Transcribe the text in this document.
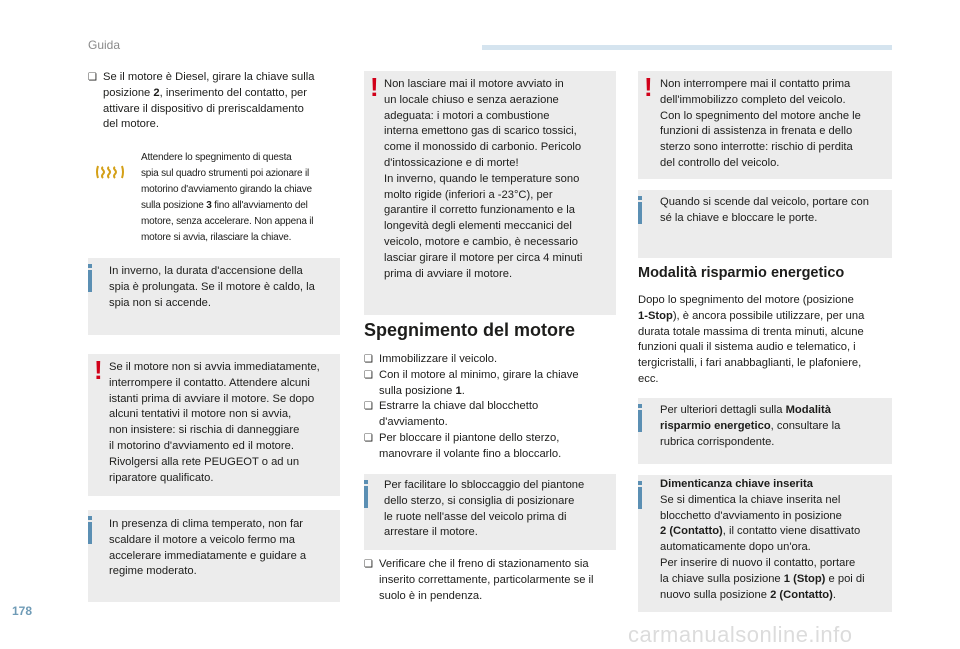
Guida
❏ Se il motore è Diesel, girare la chiave sulla
posizione 2, inserimento del contatto, per
attivare il dispositivo di preriscaldamento
del motore.
Attendere lo spegnimento di questa
spia sul quadro strumenti poi azionare il
motorino d'avviamento girando la chiave
sulla posizione 3 fino all'avviamento del
motore, senza accelerare. Non appena il
motore si avvia, rilasciare la chiave.

In inverno, la durata d'accensione della
spia è prolungata. Se il motore è caldo, la
spia non si accende.

! Se il motore non si avvia immediatamente,
interrompere il contatto. Attendere alcuni
istanti prima di avviare il motore. Se dopo
alcuni tentativi il motore non si avvia,
non insistere: si rischia di danneggiare
il motorino d'avviamento ed il motore.
Rivolgersi alla rete PEUGEOT o ad un
riparatore qualificato.

In presenza di clima temperato, non far
scaldare il motore a veicolo fermo ma
accelerare immediatamente e guidare a
regime moderato.

! Non lasciare mai il motore avviato in
un locale chiuso e senza aerazione
adeguata: i motori a combustione
interna emettono gas di scarico tossici,
come il monossido di carbonio. Pericolo
d'intossicazione e di morte!
In inverno, quando le temperature sono
molto rigide (inferiori a -23°C), per
garantire il corretto funzionamento e la
longevità degli elementi meccanici del
veicolo, motore e cambio, è necessario
lasciar girare il motore per circa 4 minuti
prima di avviare il motore.

Spegnimento del motore
❏ Immobilizzare il veicolo.
❏ Con il motore al minimo, girare la chiave
sulla posizione 1.
❏ Estrarre la chiave dal blocchetto
d'avviamento.
❏ Per bloccare il piantone dello sterzo,
manovrare il volante fino a bloccarlo.

Per facilitare lo sbloccaggio del piantone
dello sterzo, si consiglia di posizionare
le ruote nell'asse del veicolo prima di
arrestare il motore.

❏ Verificare che il freno di stazionamento sia
inserito correttamente, particolarmente se il
suolo è in pendenza.
! Non interrompere mai il contatto prima
dell'immobilizzo completo del veicolo.
Con lo spegnimento del motore anche le
funzioni di assistenza in frenata e dello
sterzo sono interrotte: rischio di perdita
del controllo del veicolo.

Quando si scende dal veicolo, portare con
sé la chiave e bloccare le porte.

Modalità risparmio energetico
Dopo lo spegnimento del motore (posizione
1-Stop), è ancora possibile utilizzare, per una
durata totale massima di trenta minuti, alcune
funzioni quali il sistema audio e telematico, i
tergicristalli, i fari anabbaglianti, le plafoniere,
ecc.

Per ulteriori dettagli sulla Modalità
risparmio energetico, consultare la
rubrica corrispondente.

Dimenticanza chiave inserita
Se si dimentica la chiave inserita nel
blocchetto d'avviamento in posizione
2 (Contatto), il contatto viene disattivato
automaticamente dopo un'ora.
Per inserire di nuovo il contatto, portare
la chiave sulla posizione 1 (Stop) e poi di
nuovo sulla posizione 2 (Contatto).

178
carmanualsonline.info
